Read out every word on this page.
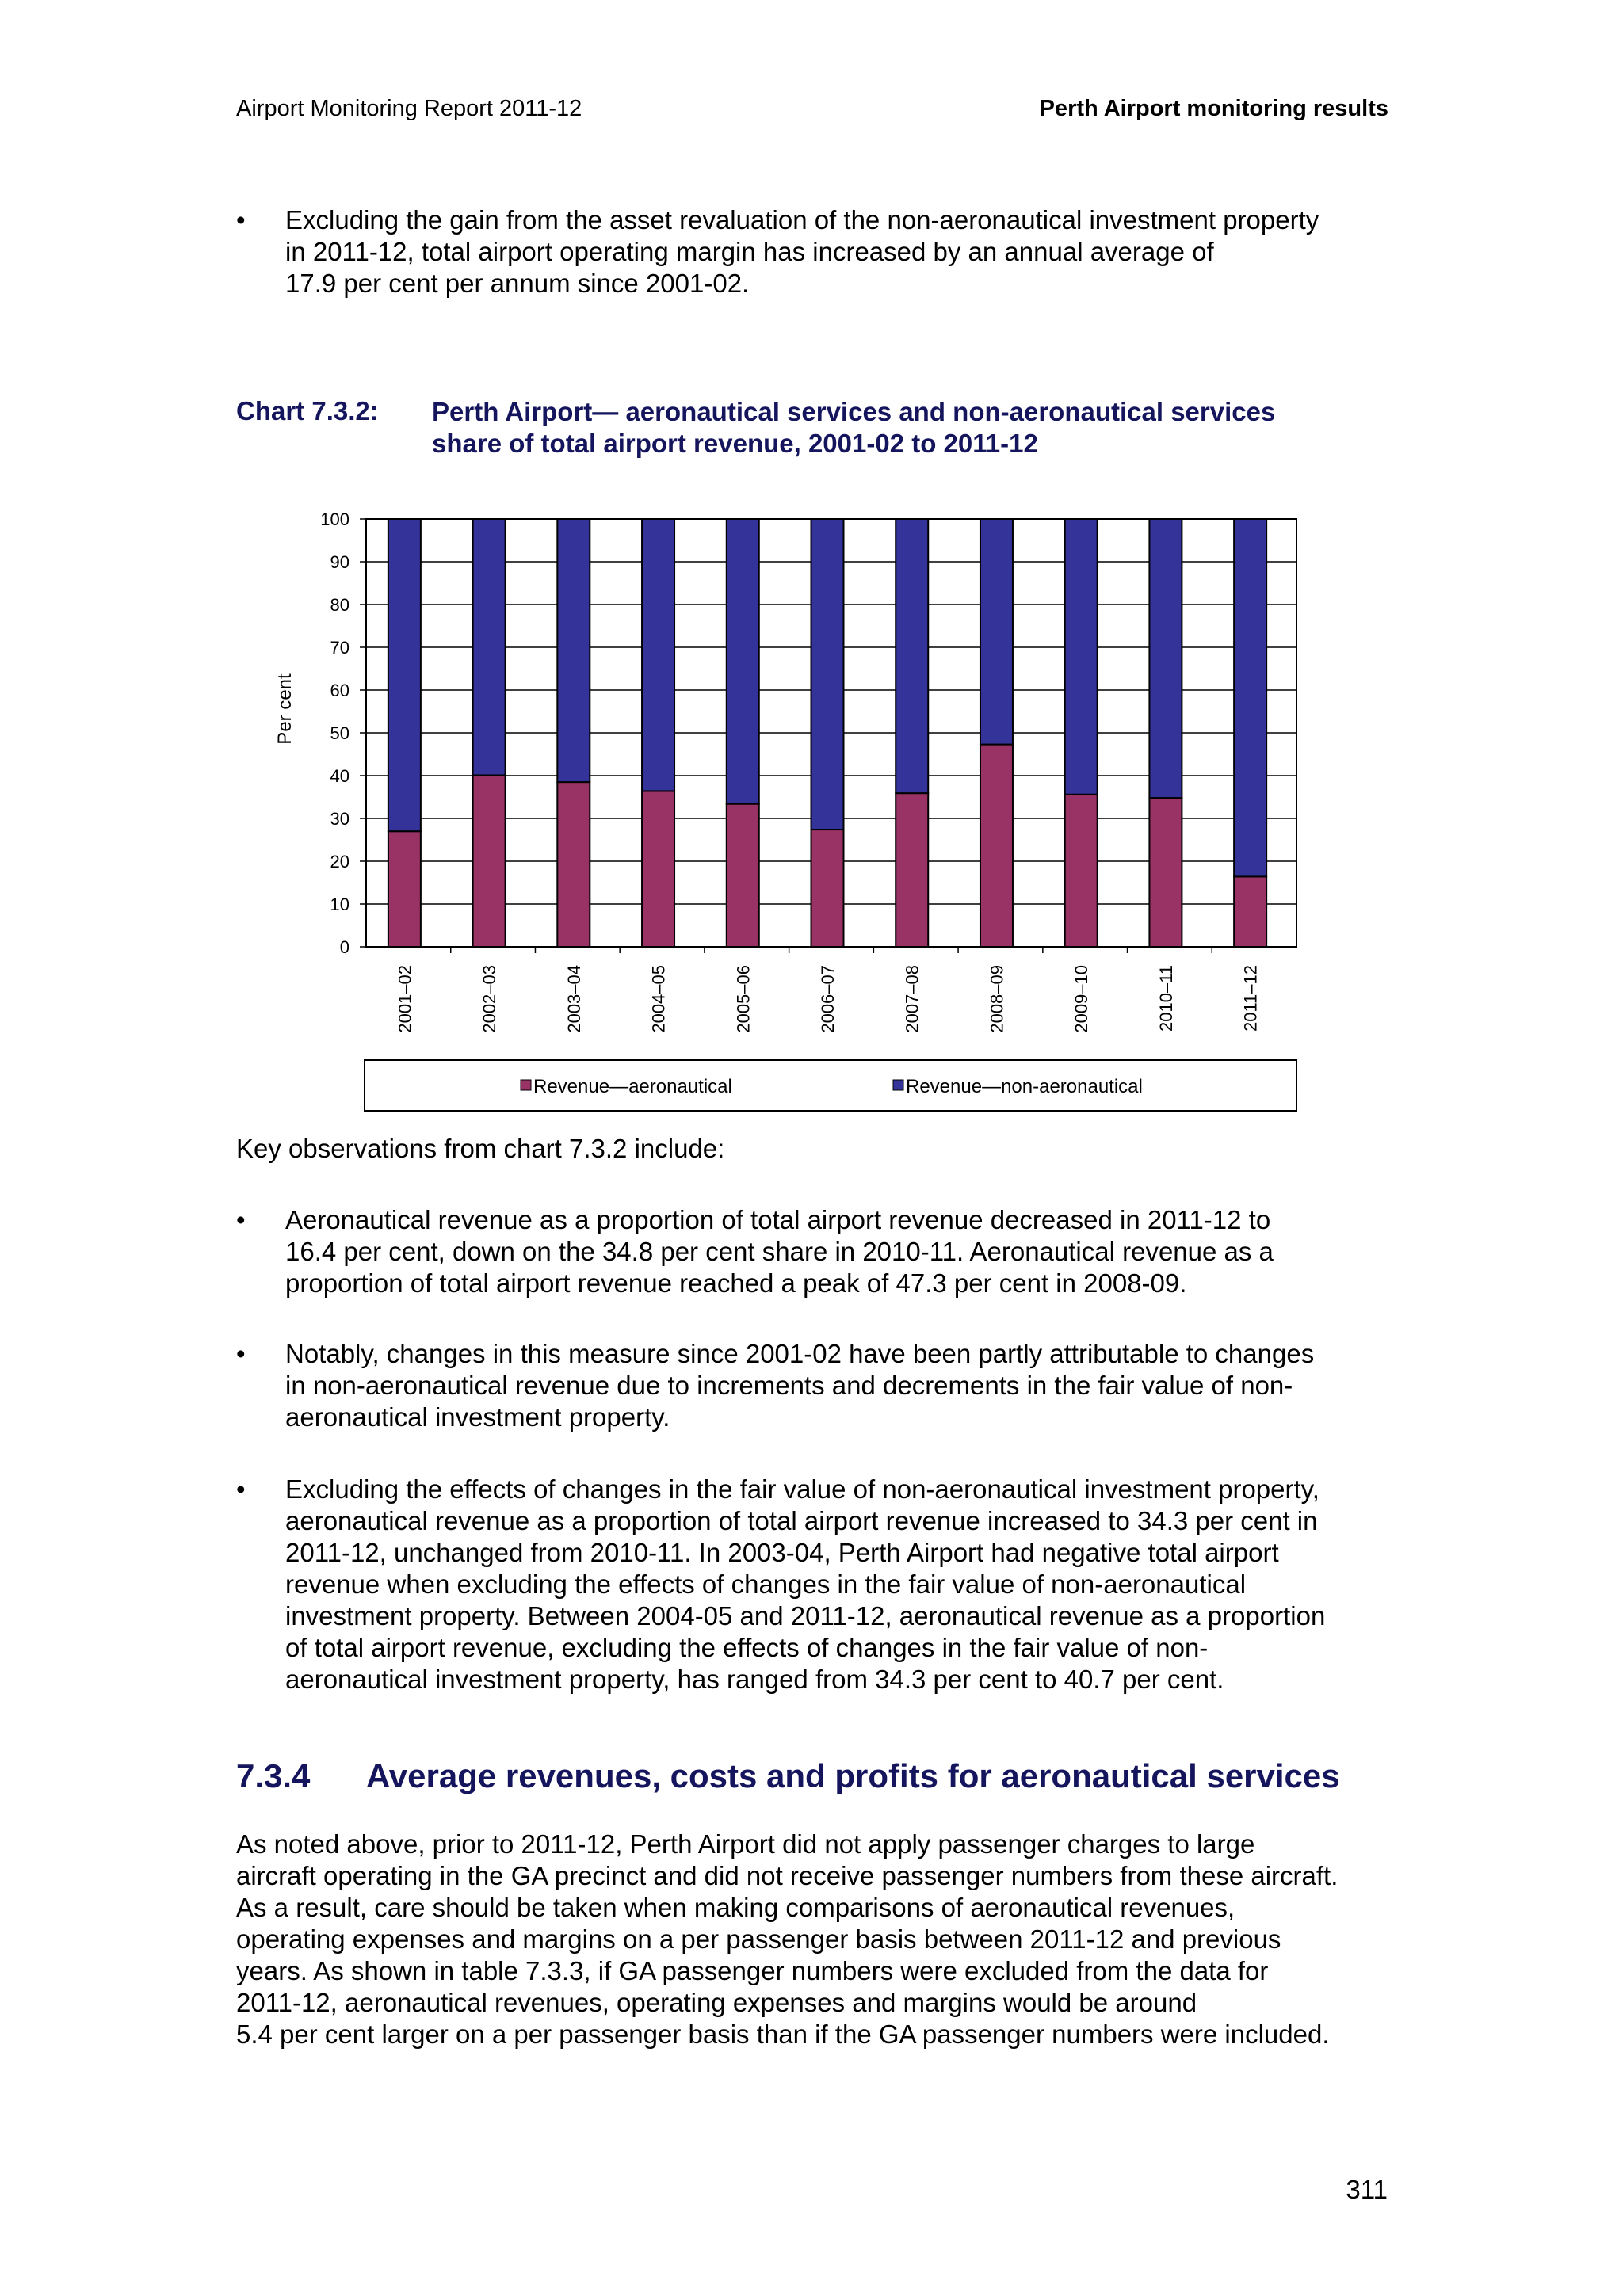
Airport Monitoring Report 2011-12	Perth Airport monitoring results
• Excluding the gain from the asset revaluation of the non-aeronautical investment property
in 2011-12, total airport operating margin has increased by an annual average of
17.9 per cent per annum since 2001-02.
Chart 7.3.2: Perth Airport— aeronautical services and non-aeronautical services
share of total airport revenue, 2001-02 to 2011-12
0
10
20
30
40
50
60
70
80
90
100
2001–02	2002–03	2003–04	2004–05	2005–06	2006–07	2007–08	2008–09	2009–10	2010–11	2011–12
Per cent
Revenue—aeronautical	Revenue—non-aeronautical
Key observations from chart 7.3.2 include:
• Aeronautical revenue as a proportion of total airport revenue decreased in 2011-12 to
16.4 per cent, down on the 34.8 per cent share in 2010-11. Aeronautical revenue as a
proportion of total airport revenue reached a peak of 47.3 per cent in 2008-09.
• Notably, changes in this measure since 2001-02 have been partly attributable to changes
in non-aeronautical revenue due to increments and decrements in the fair value of non-
aeronautical investment property.
• Excluding the effects of changes in the fair value of non-aeronautical investment property,
aeronautical revenue as a proportion of total airport revenue increased to 34.3 per cent in
2011-12, unchanged from 2010-11. In 2003-04, Perth Airport had negative total airport
revenue when excluding the effects of changes in the fair value of non-aeronautical
investment property. Between 2004-05 and 2011-12, aeronautical revenue as a proportion
of total airport revenue, excluding the effects of changes in the fair value of non-
aeronautical investment property, has ranged from 34.3 per cent to 40.7 per cent.
7.3.4 Average revenues, costs and profits for aeronautical services
As noted above, prior to 2011-12, Perth Airport did not apply passenger charges to large
aircraft operating in the GA precinct and did not receive passenger numbers from these aircraft.
As a result, care should be taken when making comparisons of aeronautical revenues,
operating expenses and margins on a per passenger basis between 2011-12 and previous
years. As shown in table 7.3.3, if GA passenger numbers were excluded from the data for
2011-12, aeronautical revenues, operating expenses and margins would be around
5.4 per cent larger on a per passenger basis than if the GA passenger numbers were included.
311
